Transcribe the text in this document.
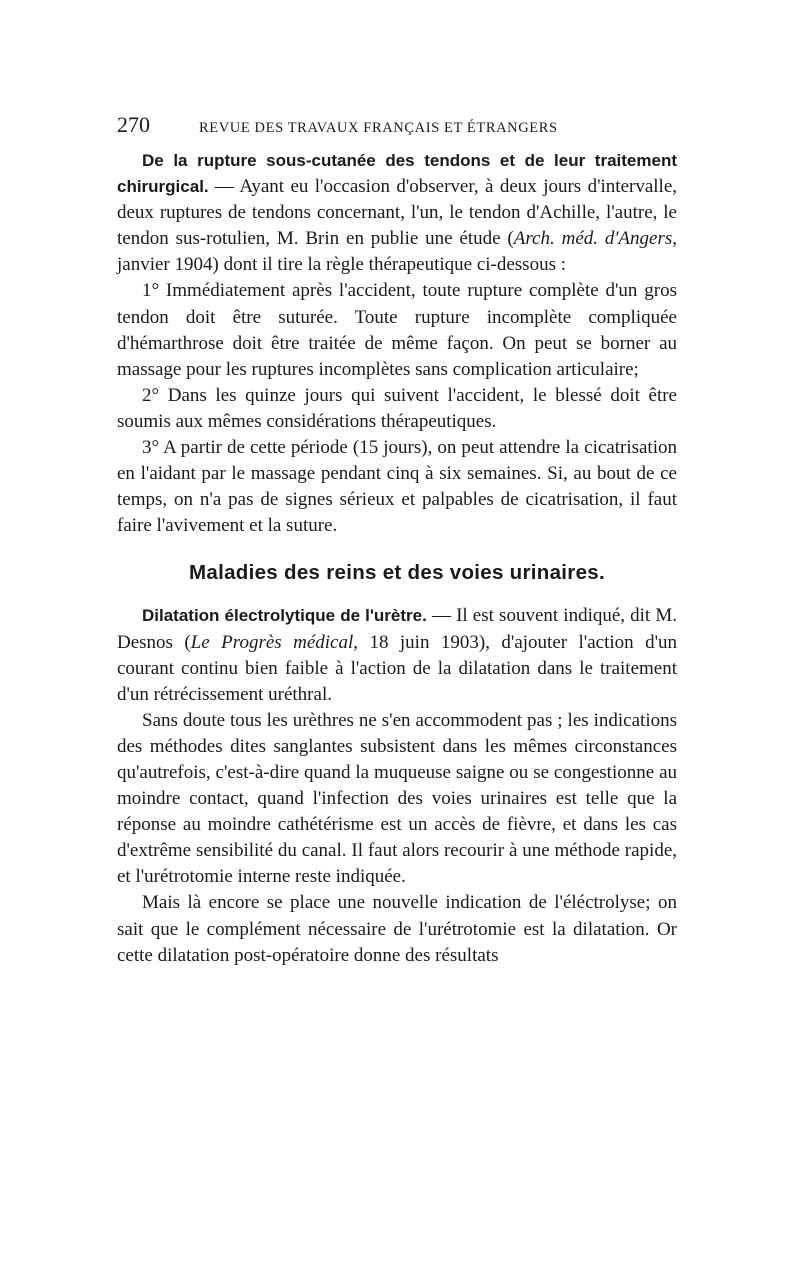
270	REVUE DES TRAVAUX FRANÇAIS ET ÉTRANGERS

De la rupture sous-cutanée des tendons et de leur traitement chirurgical. — Ayant eu l'occasion d'observer, à deux jours d'intervalle, deux ruptures de tendons concernant, l'un, le tendon d'Achille, l'autre, le tendon sus-rotulien, M. Brin en publie une étude (Arch. méd. d'Angers, janvier 1904) dont il tire la règle thérapeutique ci-dessous :

1° Immédiatement après l'accident, toute rupture complète d'un gros tendon doit être suturée. Toute rupture incomplète compliquée d'hémarthrose doit être traitée de même façon. On peut se borner au massage pour les ruptures incomplètes sans complication articulaire;

2° Dans les quinze jours qui suivent l'accident, le blessé doit être soumis aux mêmes considérations thérapeutiques.

3° A partir de cette période (15 jours), on peut attendre la cicatrisation en l'aidant par le massage pendant cinq à six semaines. Si, au bout de ce temps, on n'a pas de signes sérieux et palpables de cicatrisation, il faut faire l'avivement et la suture.

Maladies des reins et des voies urinaires.

Dilatation électrolytique de l'urètre. — Il est souvent indiqué, dit M. Desnos (Le Progrès médical, 18 juin 1903), d'ajouter l'action d'un courant continu bien faible à l'action de la dilatation dans le traitement d'un rétrécissement uréthral.

Sans doute tous les urèthres ne s'en accommodent pas ; les indications des méthodes dites sanglantes subsistent dans les mêmes circonstances qu'autrefois, c'est-à-dire quand la muqueuse saigne ou se congestionne au moindre contact, quand l'infection des voies urinaires est telle que la réponse au moindre cathétérisme est un accès de fièvre, et dans les cas d'extrême sensibilité du canal. Il faut alors recourir à une méthode rapide, et l'urétrotomie interne reste indiquée.

Mais là encore se place une nouvelle indication de l'éléctrolyse; on sait que le complément nécessaire de l'urétrotomie est la dilatation. Or cette dilatation post-opératoire donne des résultats
